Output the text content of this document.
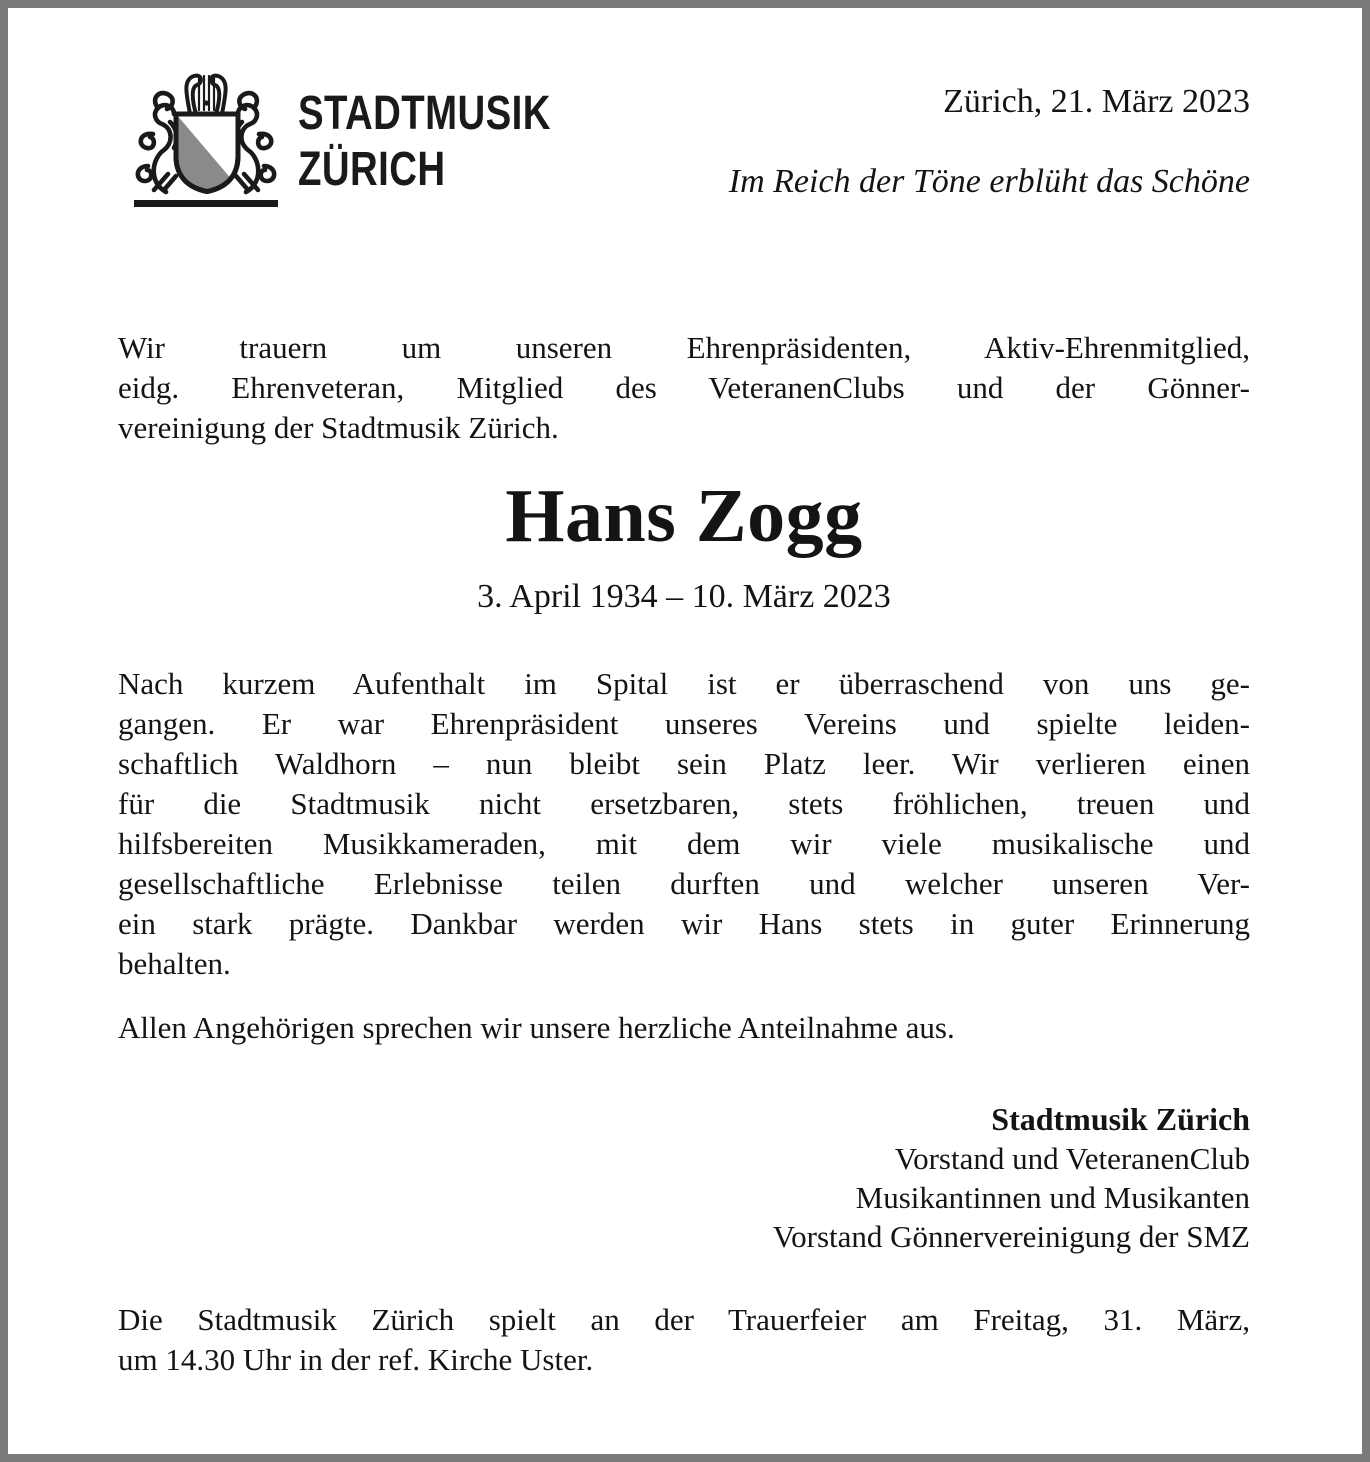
STADTMUSIK
ZÜRICH
Zürich, 21. März 2023
Im Reich der Töne erblüht das Schöne
Wir trauern um unseren Ehrenpräsidenten, Aktiv-Ehrenmitglied,
eidg. Ehrenveteran, Mitglied des VeteranenClubs und der Gönner-
vereinigung der Stadtmusik Zürich.
Hans Zogg
3. April 1934 – 10. März 2023
Nach kurzem Aufenthalt im Spital ist er überraschend von uns ge-
gangen. Er war Ehrenpräsident unseres Vereins und spielte leiden-
schaftlich Waldhorn – nun bleibt sein Platz leer. Wir verlieren einen
für die Stadtmusik nicht ersetzbaren, stets fröhlichen, treuen und
hilfsbereiten Musikkameraden, mit dem wir viele musikalische und
gesellschaftliche Erlebnisse teilen durften und welcher unseren Ver-
ein stark prägte. Dankbar werden wir Hans stets in guter Erinnerung
behalten.
Allen Angehörigen sprechen wir unsere herzliche Anteilnahme aus.
Stadtmusik Zürich
Vorstand und VeteranenClub
Musikantinnen und Musikanten
Vorstand Gönnervereinigung der SMZ
Die Stadtmusik Zürich spielt an der Trauerfeier am Freitag, 31. März,
um 14.30 Uhr in der ref. Kirche Uster.
